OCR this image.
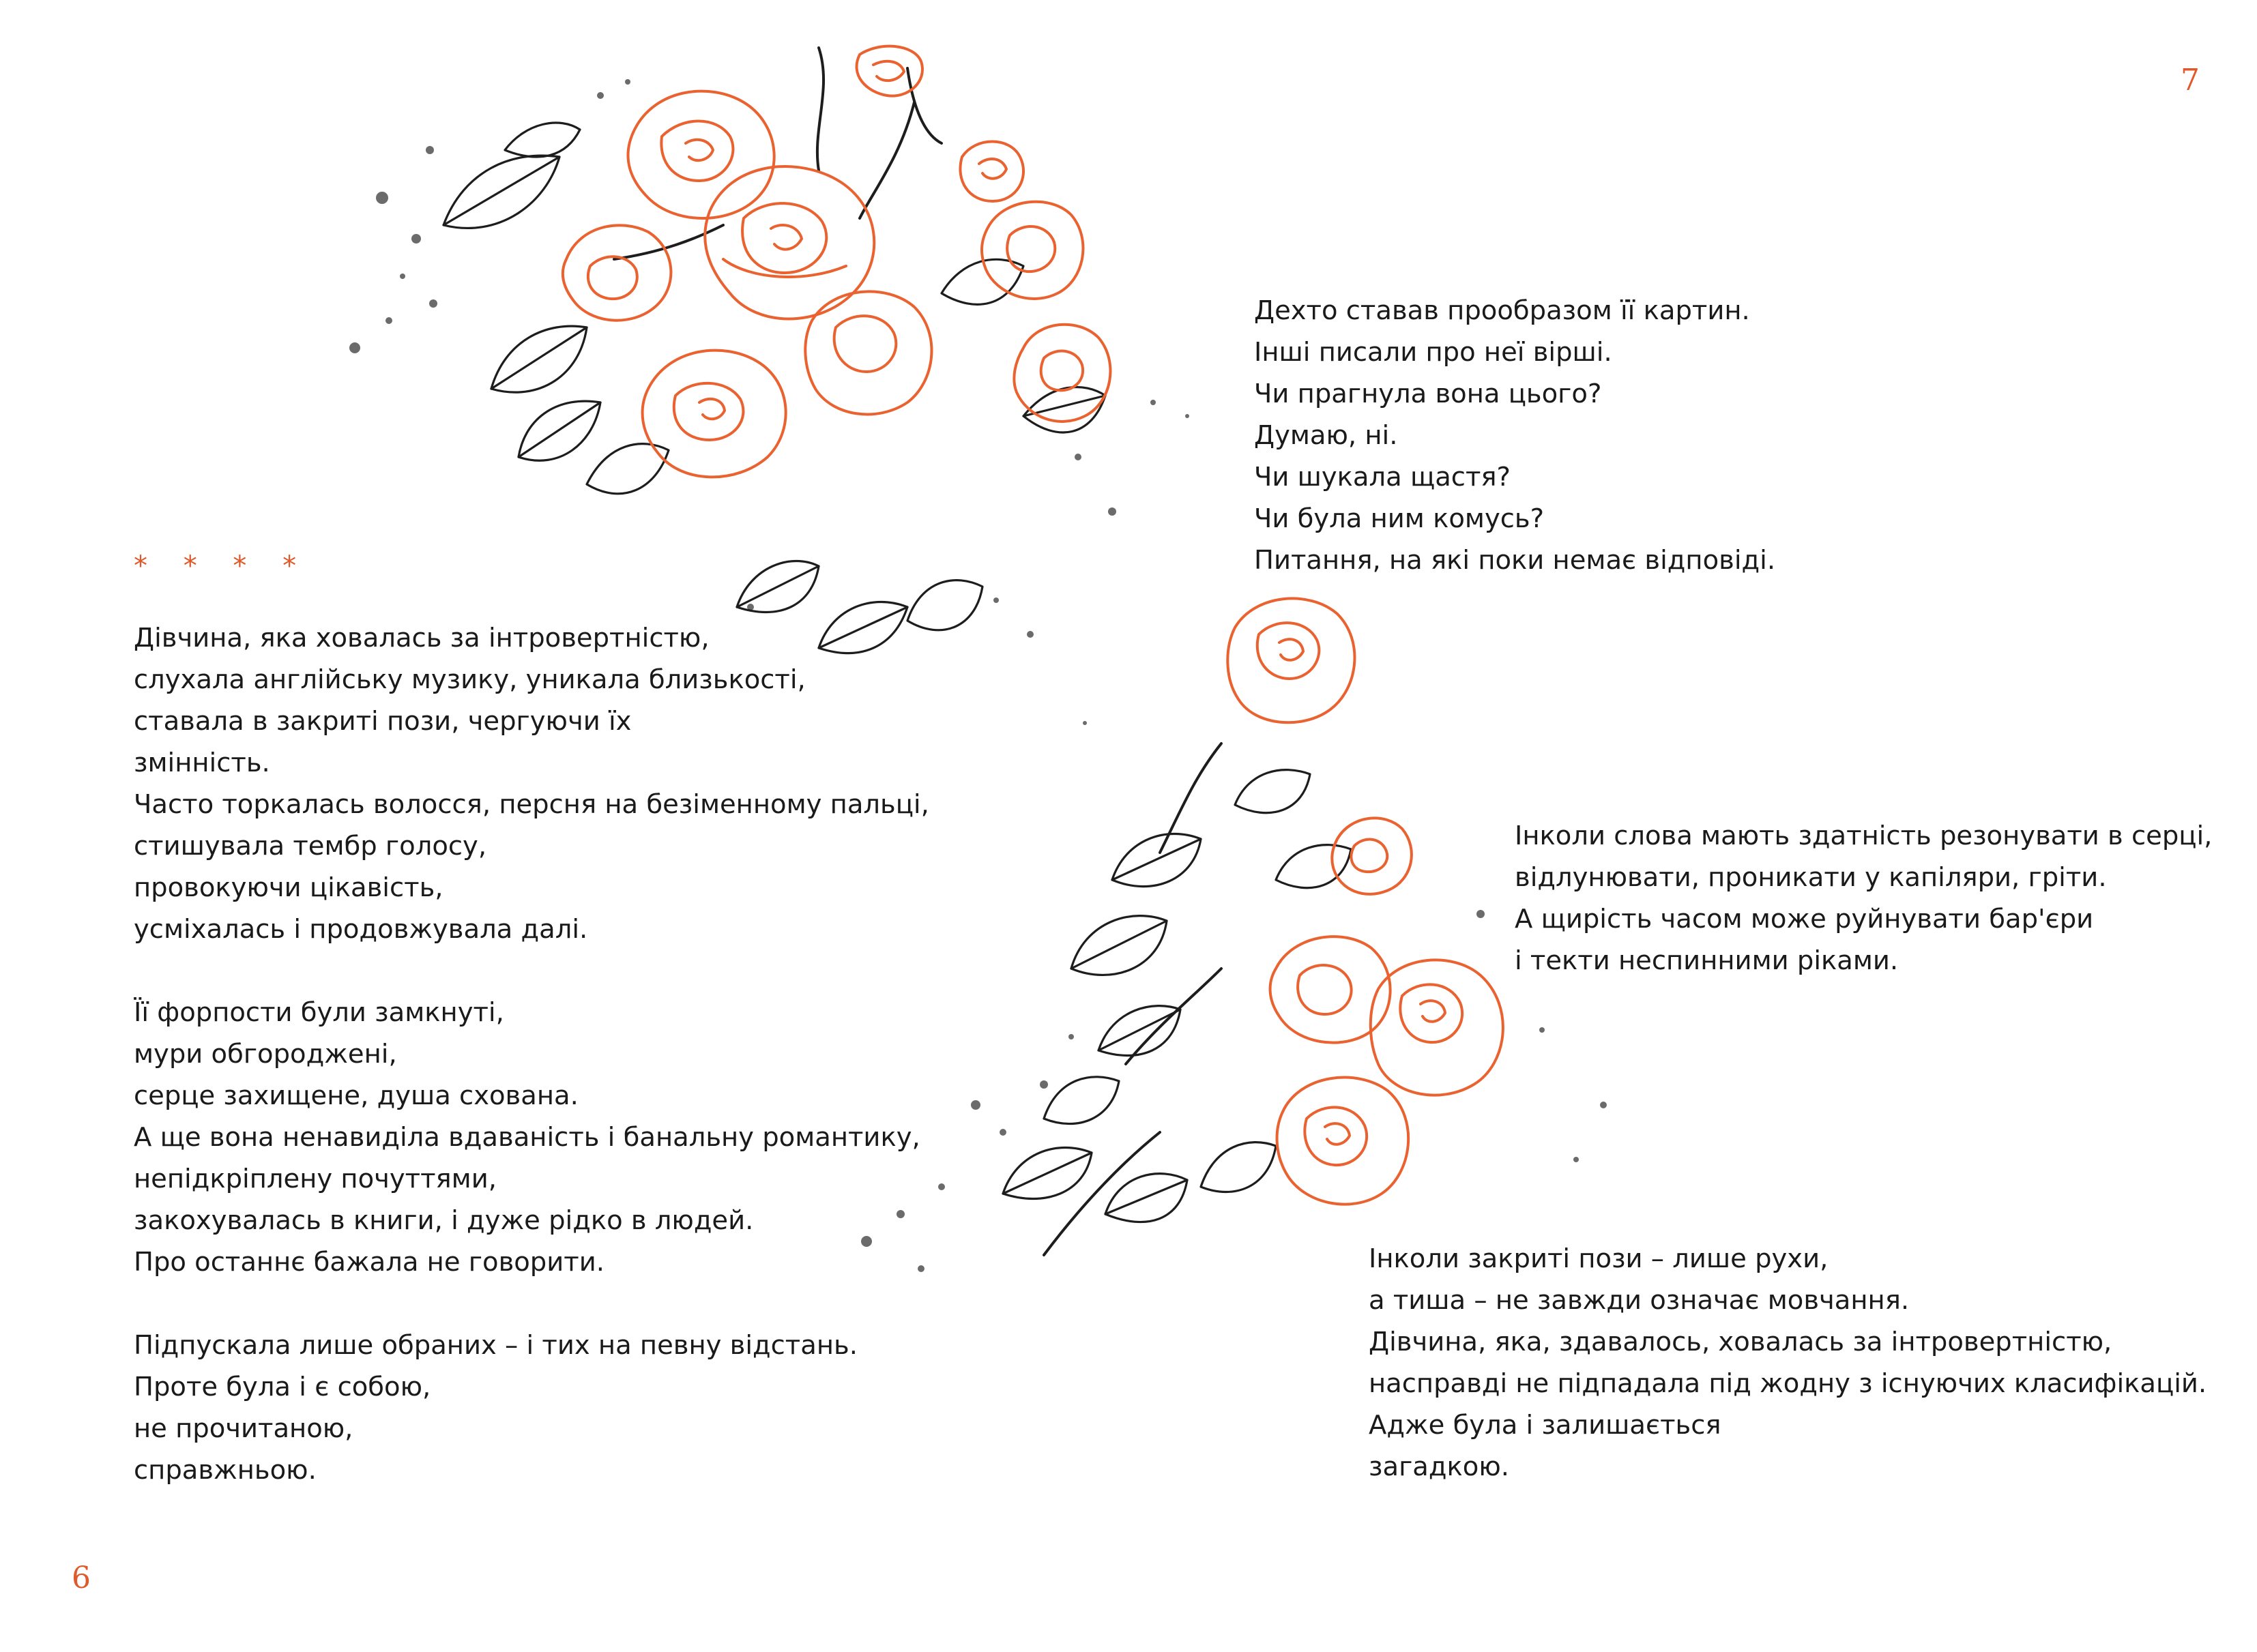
7
6
* * * *
Дівчина, яка ховалась за інтровертністю,
слухала англійську музику, уникала близькості,
ставала в закриті пози, чергуючи їх
змінність.
Часто торкалась волосся, персня на безіменному пальці,
стишувала тембр голосу,
провокуючи цікавість,
усміхалась і продовжувала далі.
Її форпости були замкнуті,
мури обгороджені,
серце захищене, душа схована.
А ще вона ненавиділа вдаваність і банальну романтику,
непідкріплену почуттями,
закохувалась в книги, і дуже рідко в людей.
Про останнє бажала не говорити.
Підпускала лише обраних – і тих на певну відстань.
Проте була і є собою,
не прочитаною,
справжньою.
Дехто ставав прообразом її картин.
Інші писали про неї вірші.
Чи прагнула вона цього?
Думаю, ні.
Чи шукала щастя?
Чи була ним комусь?
Питання, на які поки немає відповіді.
Інколи слова мають здатність резонувати в серці,
відлунювати, проникати у капіляри, гріти.
А щирість часом може руйнувати бар'єри
і текти неспинними ріками.
Інколи закриті пози – лише рухи,
а тиша – не завжди означає мовчання.
Дівчина, яка, здавалось, ховалась за інтровертністю,
насправді не підпадала під жодну з існуючих класифікацій.
Адже була і залишається
загадкою.
